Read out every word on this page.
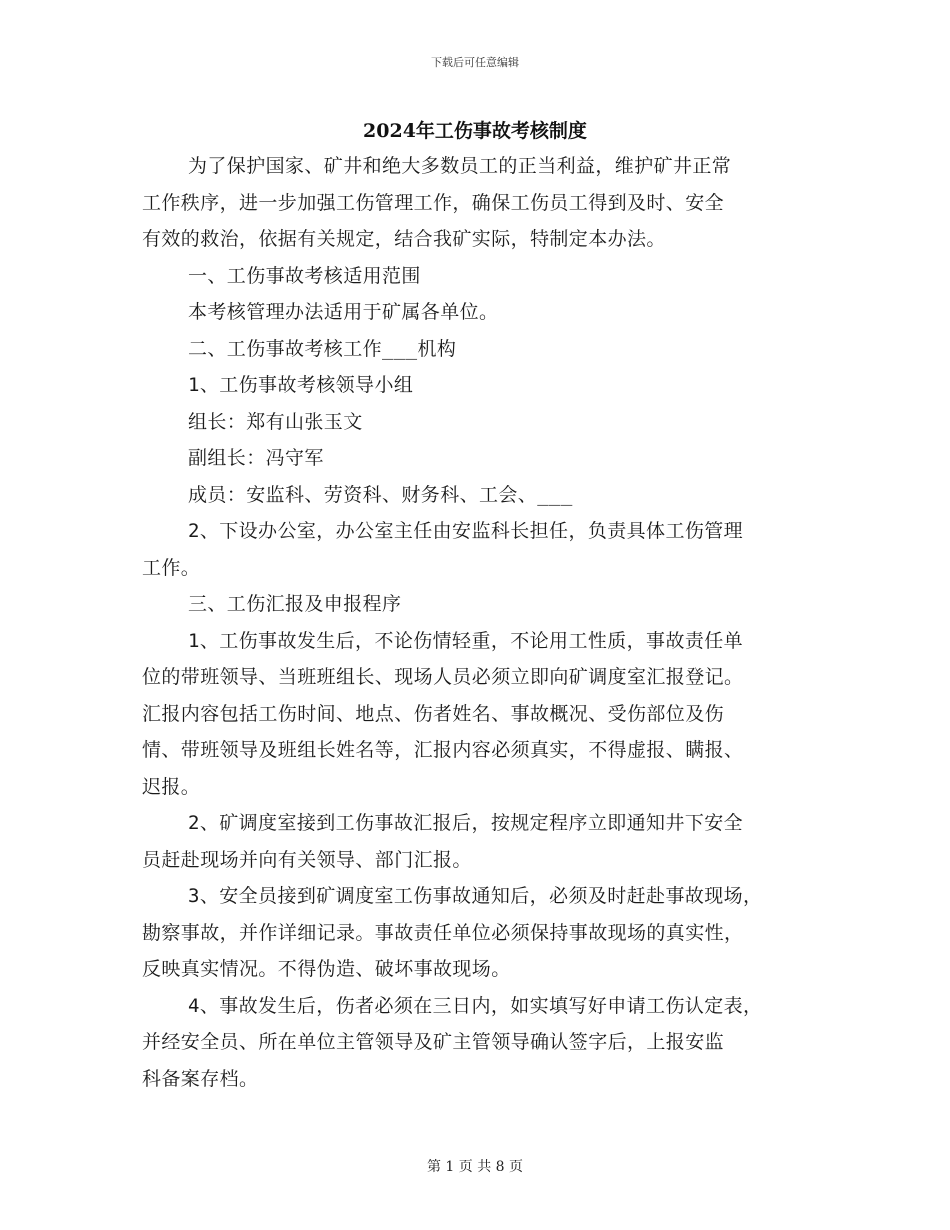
下载后可任意编辑
2024年工伤事故考核制度
为了保护国家、矿井和绝大多数员工的正当利益，维护矿井正常
工作秩序，进一步加强工伤管理工作，确保工伤员工得到及时、安全
有效的救治，依据有关规定，结合我矿实际，特制定本办法。
一、工伤事故考核适用范围
本考核管理办法适用于矿属各单位。
二、工伤事故考核工作___机构
1、工伤事故考核领导小组
组长：郑有山张玉文
副组长：冯守军
成员：安监科、劳资科、财务科、工会、___
2、下设办公室，办公室主任由安监科长担任，负责具体工伤管理
工作。
三、工伤汇报及申报程序
1、工伤事故发生后，不论伤情轻重，不论用工性质，事故责任单
位的带班领导、当班班组长、现场人员必须立即向矿调度室汇报登记。
汇报内容包括工伤时间、地点、伤者姓名、事故概况、受伤部位及伤
情、带班领导及班组长姓名等，汇报内容必须真实，不得虚报、瞒报、
迟报。
2、矿调度室接到工伤事故汇报后，按规定程序立即通知井下安全
员赶赴现场并向有关领导、部门汇报。
3、安全员接到矿调度室工伤事故通知后，必须及时赶赴事故现场，
勘察事故，并作详细记录。事故责任单位必须保持事故现场的真实性，
反映真实情况。不得伪造、破坏事故现场。
4、事故发生后，伤者必须在三日内，如实填写好申请工伤认定表，
并经安全员、所在单位主管领导及矿主管领导确认签字后，上报安监
科备案存档。
第 1 页 共 8 页
